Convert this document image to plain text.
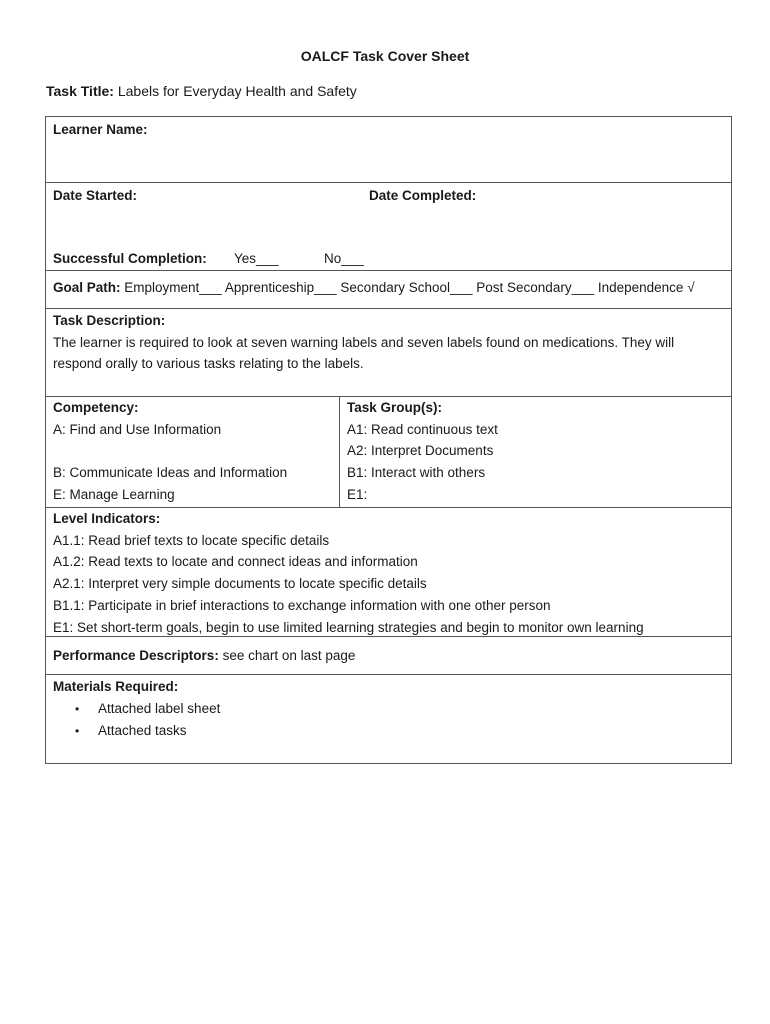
OALCF Task Cover Sheet
Task Title: Labels for Everyday Health and Safety
Learner Name:
Date Started:	Date Completed:
Successful Completion: Yes___	No___
Goal Path: Employment___ Apprenticeship___ Secondary School___ Post Secondary___ Independence √
Task Description:
The learner is required to look at seven warning labels and seven labels found on medications. They will respond orally to various tasks relating to the labels.
Competency:
A: Find and Use Information

B: Communicate Ideas and Information
E: Manage Learning
Task Group(s):
A1: Read continuous text
A2: Interpret Documents
B1: Interact with others
E1:
Level Indicators:
A1.1: Read brief texts to locate specific details
A1.2: Read texts to locate and connect ideas and information
A2.1: Interpret very simple documents to locate specific details
B1.1: Participate in brief interactions to exchange information with one other person
E1: Set short-term goals, begin to use limited learning strategies and begin to monitor own learning
Performance Descriptors: see chart on last page
Materials Required:
• Attached label sheet
• Attached tasks
